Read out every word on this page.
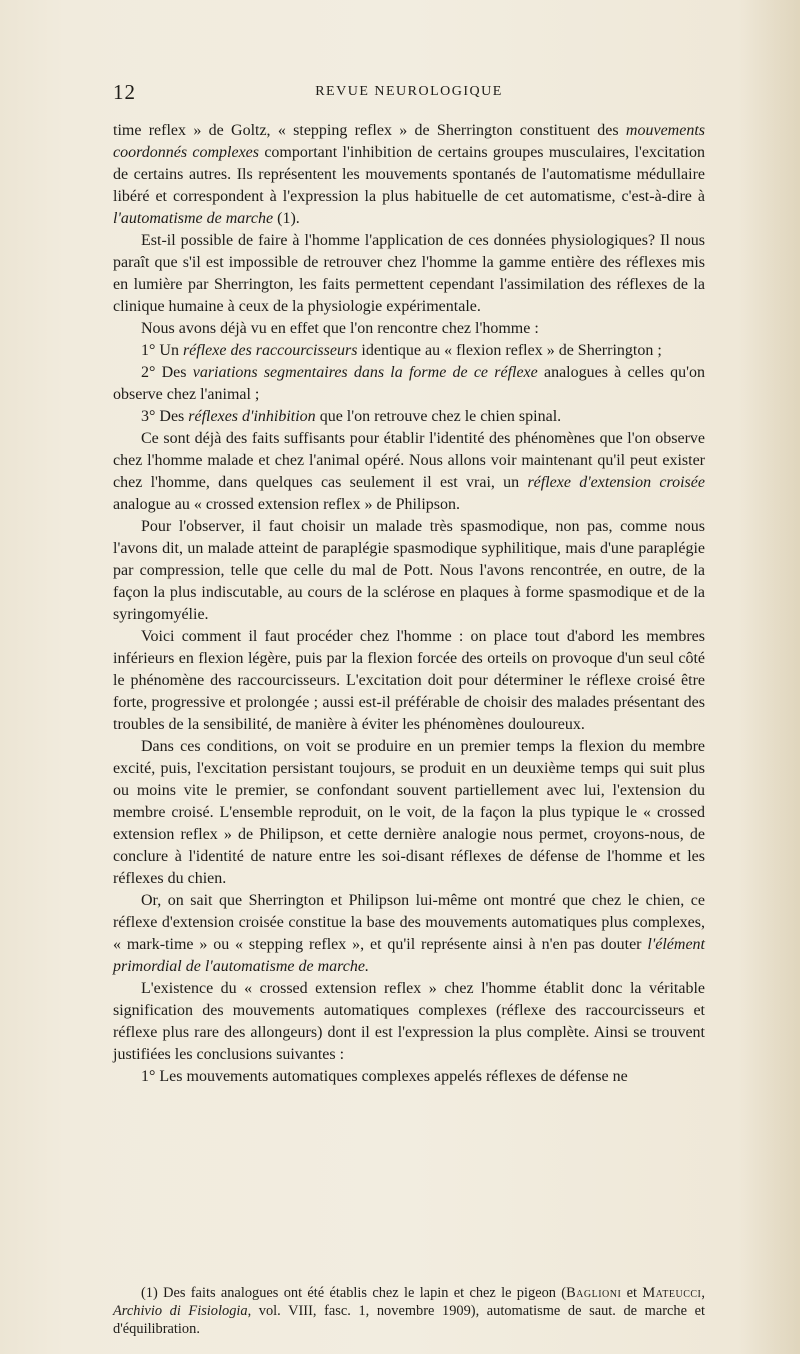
12	REVUE NEUROLOGIQUE

time reflex » de Goltz, « stepping reflex » de Sherrington constituent des mouvements coordonnés complexes comportant l'inhibition de certains groupes musculaires, l'excitation de certains autres. Ils représentent les mouvements spontanés de l'automatisme médullaire libéré et correspondent à l'expression la plus habituelle de cet automatisme, c'est-à-dire à l'automatisme de marche (1).

Est-il possible de faire à l'homme l'application de ces données physiologiques? Il nous paraît que s'il est impossible de retrouver chez l'homme la gamme entière des réflexes mis en lumière par Sherrington, les faits permettent cependant l'assimilation des réflexes de la clinique humaine à ceux de la physiologie expérimentale.

Nous avons déjà vu en effet que l'on rencontre chez l'homme :

1° Un réflexe des raccourcisseurs identique au « flexion reflex » de Sherrington ;

2° Des variations segmentaires dans la forme de ce réflexe analogues à celles qu'on observe chez l'animal ;

3° Des réflexes d'inhibition que l'on retrouve chez le chien spinal.

Ce sont déjà des faits suffisants pour établir l'identité des phénomènes que l'on observe chez l'homme malade et chez l'animal opéré. Nous allons voir maintenant qu'il peut exister chez l'homme, dans quelques cas seulement il est vrai, un réflexe d'extension croisée analogue au « crossed extension reflex » de Philipson.

Pour l'observer, il faut choisir un malade très spasmodique, non pas, comme nous l'avons dit, un malade atteint de paraplégie spasmodique syphilitique, mais d'une paraplégie par compression, telle que celle du mal de Pott. Nous l'avons rencontrée, en outre, de la façon la plus indiscutable, au cours de la sclérose en plaques à forme spasmodique et de la syringomyélie.

Voici comment il faut procéder chez l'homme : on place tout d'abord les membres inférieurs en flexion légère, puis par la flexion forcée des orteils on provoque d'un seul côté le phénomène des raccourcisseurs. L'excitation doit pour déterminer le réflexe croisé être forte, progressive et prolongée ; aussi est-il préférable de choisir des malades présentant des troubles de la sensibilité, de manière à éviter les phénomènes douloureux.

Dans ces conditions, on voit se produire en un premier temps la flexion du membre excité, puis, l'excitation persistant toujours, se produit en un deuxième temps qui suit plus ou moins vite le premier, se confondant souvent partiellement avec lui, l'extension du membre croisé. L'ensemble reproduit, on le voit, de la façon la plus typique le « crossed extension reflex » de Philipson, et cette dernière analogie nous permet, croyons-nous, de conclure à l'identité de nature entre les soi-disant réflexes de défense de l'homme et les réflexes du chien.

Or, on sait que Sherrington et Philipson lui-même ont montré que chez le chien, ce réflexe d'extension croisée constitue la base des mouvements automatiques plus complexes, « mark-time » ou « stepping reflex », et qu'il représente ainsi à n'en pas douter l'élément primordial de l'automatisme de marche.

L'existence du « crossed extension reflex » chez l'homme établit donc la véritable signification des mouvements automatiques complexes (réflexe des raccourcisseurs et réflexe plus rare des allongeurs) dont il est l'expression la plus complète. Ainsi se trouvent justifiées les conclusions suivantes :

1° Les mouvements automatiques complexes appelés réflexes de défense ne

(1) Des faits analogues ont été établis chez le lapin et chez le pigeon (Baglioni et Mateucci, Archivio di Fisiologia, vol. VIII, fasc. 1, novembre 1909), automatisme de saut. de marche et d'équilibration.
